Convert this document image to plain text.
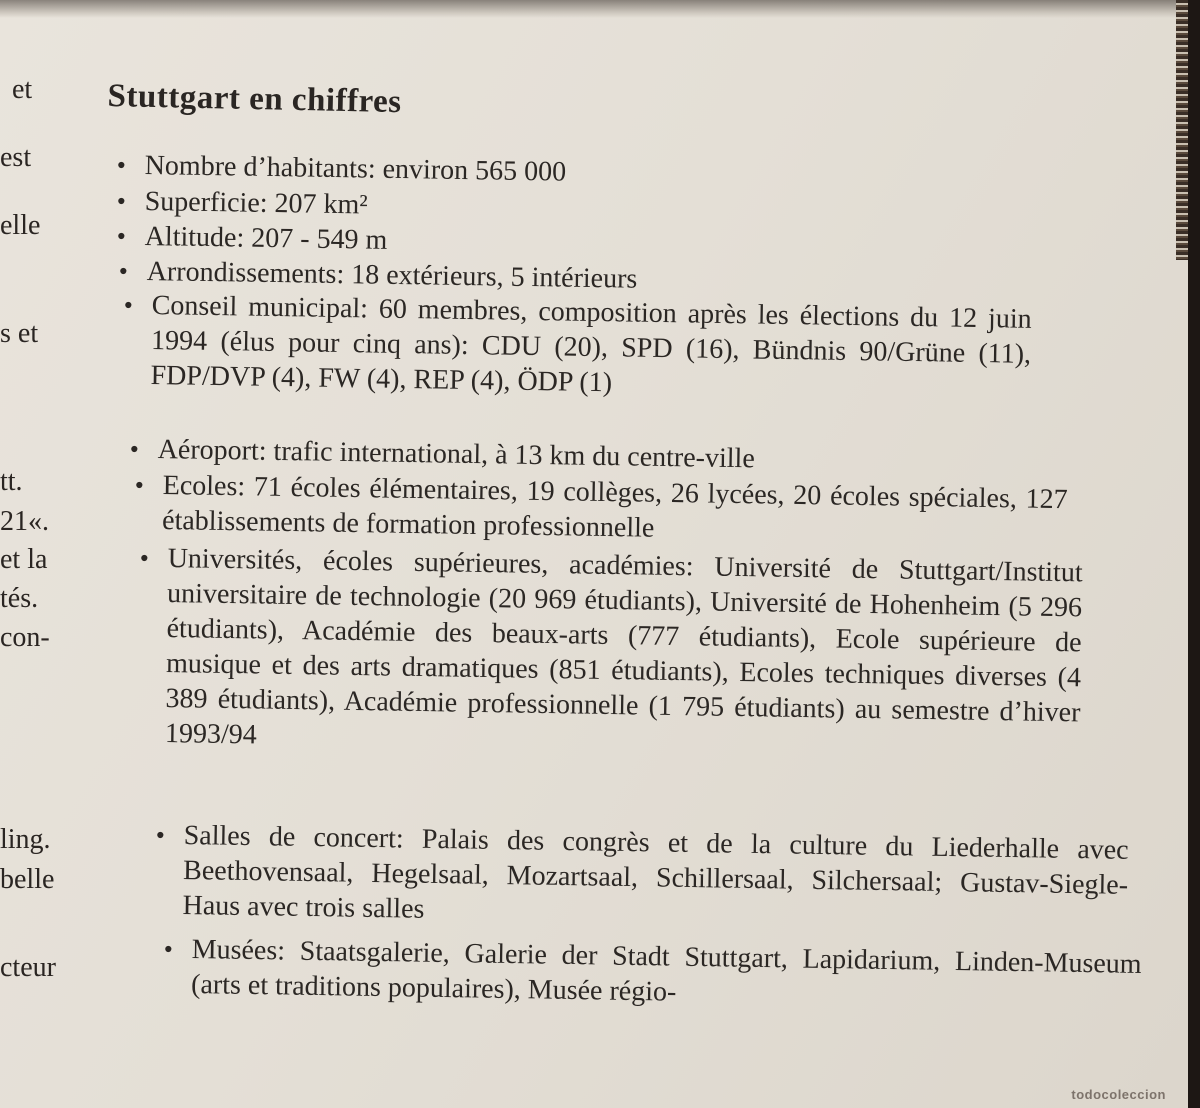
et
est
elle
s et
tt.
21«.
et la
tés.
con-
ling.
belle
cteur
Stuttgart en chiffres
• Nombre d’habitants: environ 565 000
• Superficie: 207 km²
• Altitude: 207 - 549 m
• Arrondissements: 18 extérieurs, 5 intérieurs
• Conseil municipal: 60 membres, composition après les élections du 12 juin 1994 (élus pour cinq ans): CDU (20), SPD (16), Bündnis 90/Grüne (11), FDP/DVP (4), FW (4), REP (4), ÖDP (1)
• Aéroport: trafic international, à 13 km du centre-ville
• Ecoles: 71 écoles élémentaires, 19 collèges, 26 lycées, 20 écoles spéciales, 127 établissements de formation professionnelle
• Universités, écoles supérieures, académies: Université de Stuttgart/Institut universitaire de technologie (20 969 étudiants), Université de Hohenheim (5 296 étudiants), Académie des beaux-arts (777 étudiants), Ecole supérieure de musique et des arts dramatiques (851 étudiants), Ecoles techniques diverses (4 389 étudiants), Académie professionnelle (1 795 étudiants) au semestre d’hiver 1993/94
• Salles de concert: Palais des congrès et de la culture du Liederhalle avec Beethovensaal, Hegelsaal, Mozartsaal, Schillersaal, Silchersaal; Gustav-Siegle-Haus avec trois salles
• Musées: Staatsgalerie, Galerie der Stadt Stuttgart, Lapidarium, Linden-Museum (arts et traditions populaires), Musée régio-
todocoleccion
